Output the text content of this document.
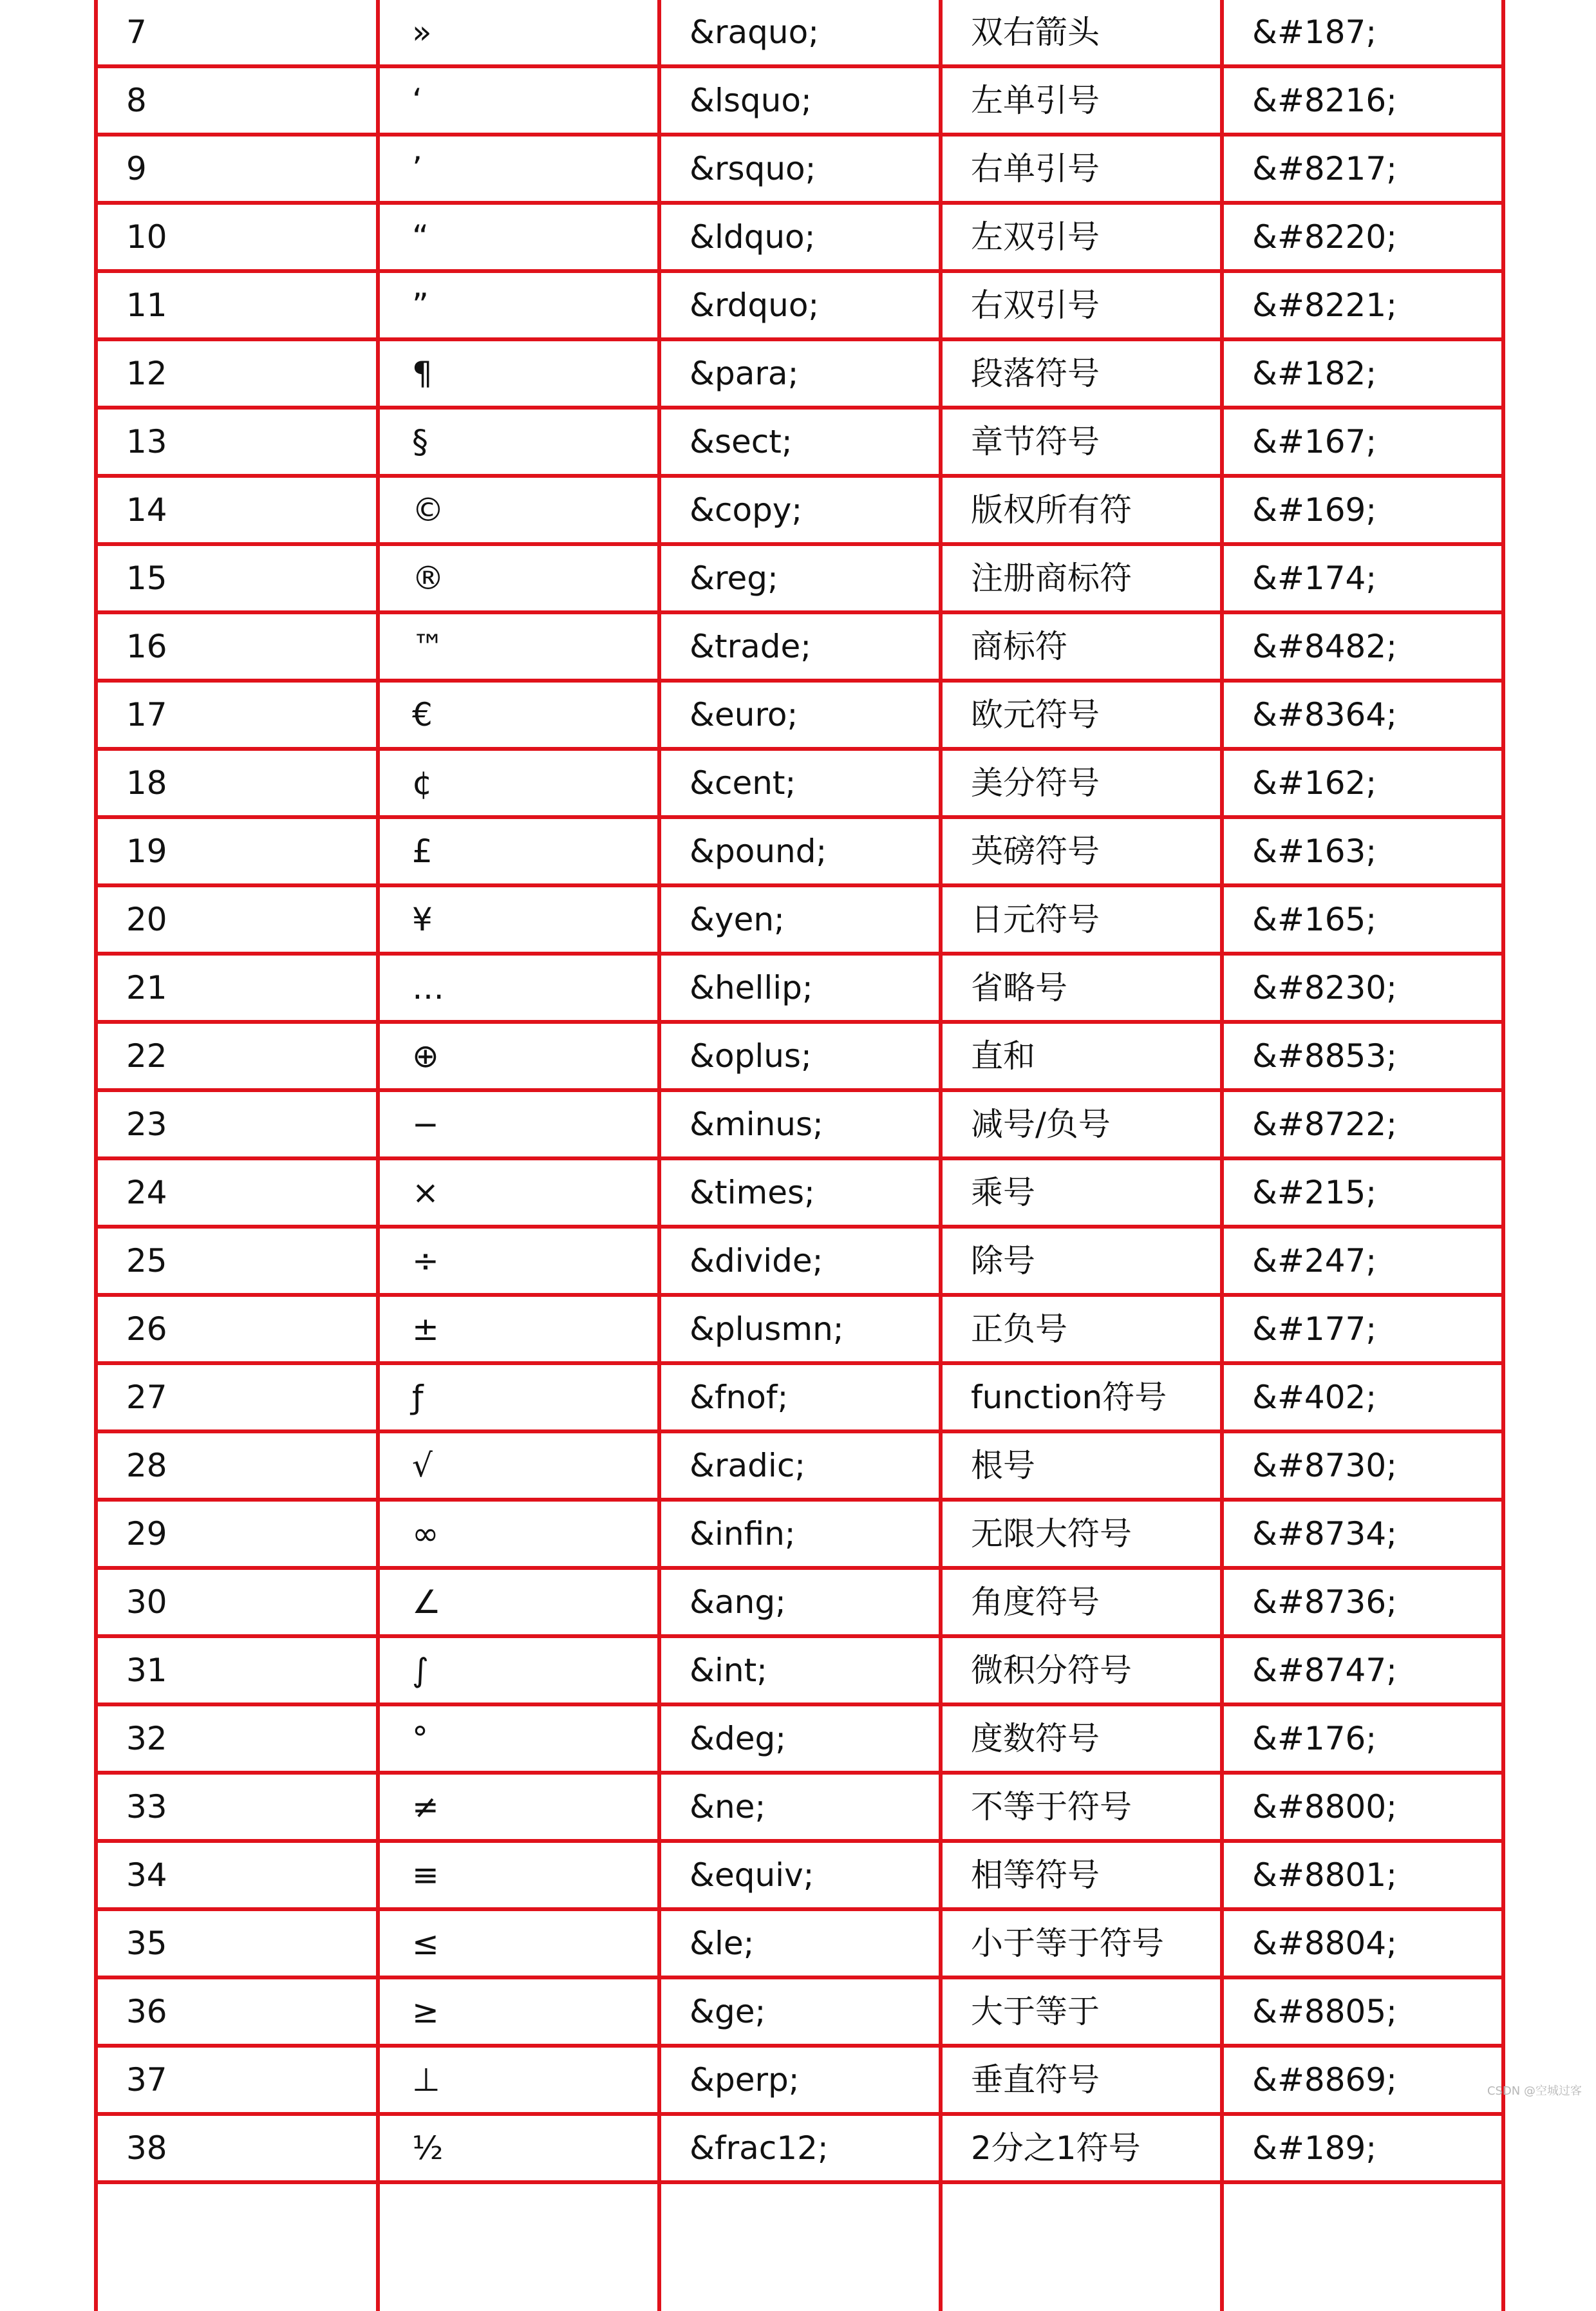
7	»	&raquo;	双右箭头	&#187;
8	‘	&lsquo;	左单引号	&#8216;
9	’	&rsquo;	右单引号	&#8217;
10	“	&ldquo;	左双引号	&#8220;
11	”	&rdquo;	右双引号	&#8221;
12	¶	&para;	段落符号	&#182;
13	§	&sect;	章节符号	&#167;
14	©	&copy;	版权所有符	&#169;
15	®	&reg;	注册商标符	&#174;
16	™	&trade;	商标符	&#8482;
17	€	&euro;	欧元符号	&#8364;
18	¢	&cent;	美分符号	&#162;
19	£	&pound;	英磅符号	&#163;
20	¥	&yen;	日元符号	&#165;
21	…	&hellip;	省略号	&#8230;
22	⊕	&oplus;	直和	&#8853;
23	−	&minus;	减号/负号	&#8722;
24	×	&times;	乘号	&#215;
25	÷	&divide;	除号	&#247;
26	±	&plusmn;	正负号	&#177;
27	ƒ	&fnof;	function符号	&#402;
28	√	&radic;	根号	&#8730;
29	∞	&infin;	无限大符号	&#8734;
30	∠	&ang;	角度符号	&#8736;
31	∫	&int;	微积分符号	&#8747;
32	°	&deg;	度数符号	&#176;
33	≠	&ne;	不等于符号	&#8800;
34	≡	&equiv;	相等符号	&#8801;
35	≤	&le;	小于等于符号	&#8804;
36	≥	&ge;	大于等于	&#8805;
37	⊥	&perp;	垂直符号	&#8869;
38	½	&frac12;	2分之1符号	&#189;

CSDN @空城过客
